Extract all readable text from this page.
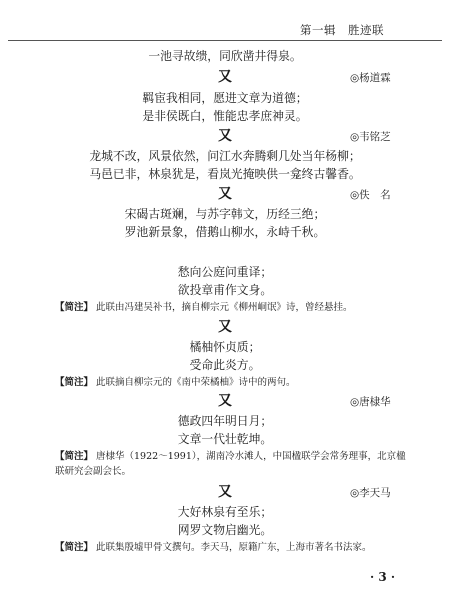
第一辑　胜迹联
一池寻故缋，同欣凿井得泉。
又	◎杨道霖
羁宦我相同，愿进文章为道德；
是非侯既白，惟能忠孝庶神灵。
又	◎韦铭芝
龙城不改，风景依然，问江水奔腾剩几处当年杨柳；
马邑已非，林泉犹是，看岚光掩映供一龛终古馨香。
又	◎佚　名
宋碣古斑斓，与苏字韩文，历经三绝；
罗池新景象，借鹅山柳水，永峙千秋。
愁向公庭问重译；
欲投章甫作文身。
【简注】 此联由冯建吴补书，摘自柳宗元《柳州峒氓》诗，曾经悬挂。
又
橘柚怀贞质；
受命此炎方。
【简注】 此联摘自柳宗元的《南中荣橘柚》诗中的两句。
又	◎唐棣华
德政四年明日月；
文章一代壮乾坤。
【简注】 唐棣华（1922～1991），湖南冷水滩人，中国楹联学会常务理事，北京楹联研究会副会长。
又	◎李天马
大好林泉有至乐；
网罗文物启幽光。
【简注】 此联集殷墟甲骨文撰句。李天马，原籍广东，上海市著名书法家。
· 3 ·
